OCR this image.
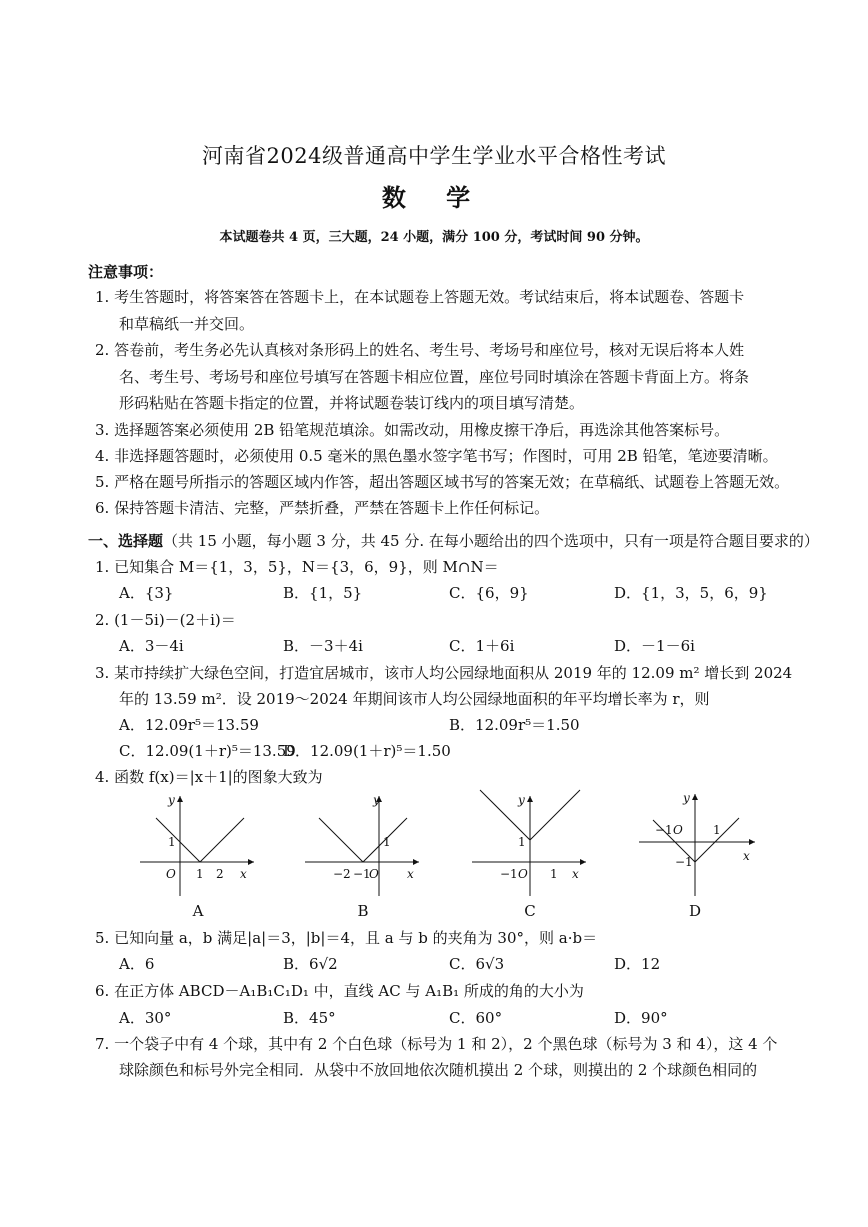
河南省2024级普通高中学生学业水平合格性考试
数 学
本试题卷共 4 页，三大题，24 小题，满分 100 分，考试时间 90 分钟。
注意事项：
1. 考生答题时，将答案答在答题卡上，在本试题卷上答题无效。考试结束后，将本试题卷、答题卡
和草稿纸一并交回。
2. 答卷前，考生务必先认真核对条形码上的姓名、考生号、考场号和座位号，核对无误后将本人姓
名、考生号、考场号和座位号填写在答题卡相应位置，座位号同时填涂在答题卡背面上方。将条
形码粘贴在答题卡指定的位置，并将试题卷装订线内的项目填写清楚。
3. 选择题答案必须使用 2B 铅笔规范填涂。如需改动，用橡皮擦干净后，再选涂其他答案标号。
4. 非选择题答题时，必须使用 0.5 毫米的黑色墨水签字笔书写；作图时，可用 2B 铅笔，笔迹要清晰。
5. 严格在题号所指示的答题区域内作答，超出答题区域书写的答案无效；在草稿纸、试题卷上答题无效。
6. 保持答题卡清洁、完整，严禁折叠，严禁在答题卡上作任何标记。
一、选择题（共 15 小题，每小题 3 分，共 45 分. 在每小题给出的四个选项中，只有一项是符合题目要求的）
1. 已知集合 M＝{1，3，5}，N＝{3，6，9}，则 M∩N＝
A．{3}	B．{1，5}	C．{6，9}	D．{1，3，5，6，9}
2. (1－5i)－(2＋i)＝
A．3－4i	B．－3＋4i	C．1＋6i	D．－1－6i
3. 某市持续扩大绿色空间，打造宜居城市，该市人均公园绿地面积从 2019 年的 12.09 m² 增长到 2024
年的 13.59 m²．设 2019～2024 年期间该市人均公园绿地面积的年平均增长率为 r，则
A．12.09r⁵＝13.59	B．12.09r⁵＝1.50
C．12.09(1＋r)⁵＝13.59
D．12.09(1＋r)⁵＝1.50
4. 函数 f(x)＝|x＋1|的图象大致为
y
1
O 1 2 x
A
y
1
−2 −1
O x
B
y
1
−1 O 1 x
C
y
−1 O	1
x
−1
D
5. 已知向量 a，b 满足|a|＝3，|b|＝4，且 a 与 b 的夹角为 30°，则 a·b＝
A．6	B．6√2	C．6√3	D．12
6. 在正方体 ABCD－A₁B₁C₁D₁ 中，直线 AC 与 A₁B₁ 所成的角的大小为
A．30°	B．45°	C．60°	D．90°
7. 一个袋子中有 4 个球，其中有 2 个白色球（标号为 1 和 2），2 个黑色球（标号为 3 和 4），这 4 个
球除颜色和标号外完全相同．从袋中不放回地依次随机摸出 2 个球，则摸出的 2 个球颜色相同的
